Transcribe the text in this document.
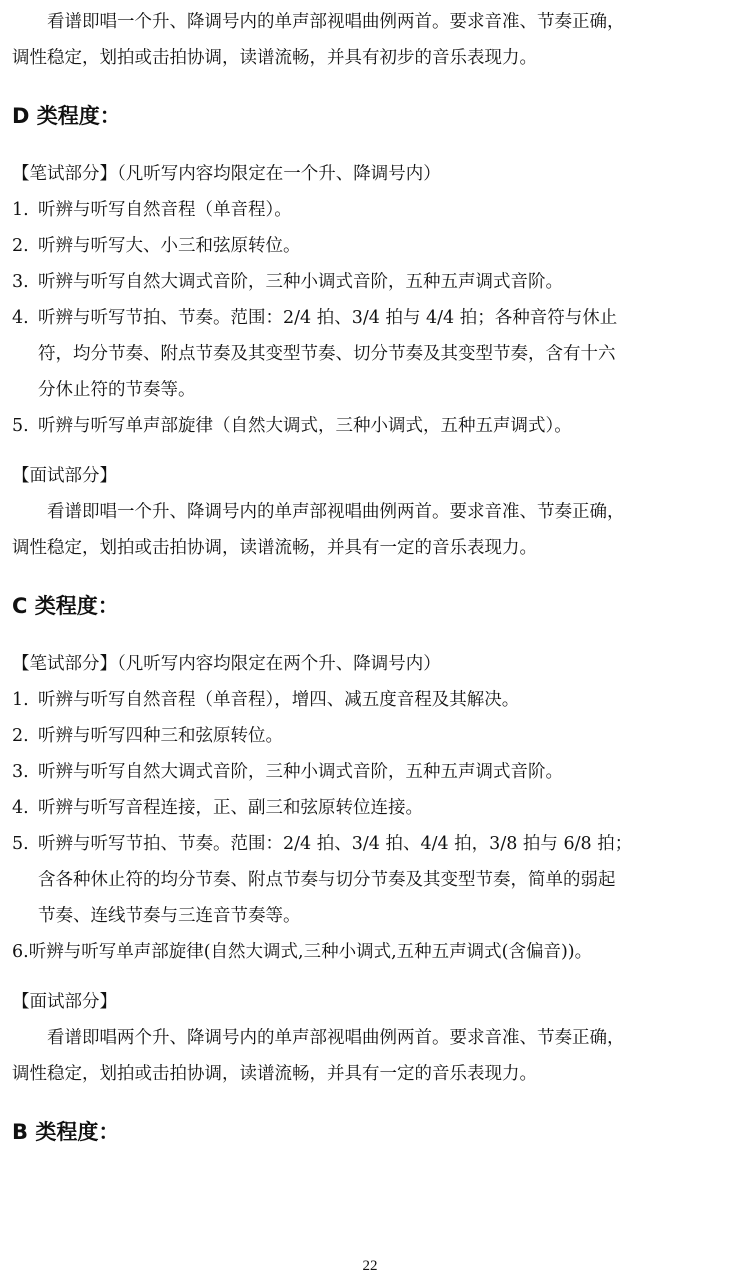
看谱即唱一个升、降调号内的单声部视唱曲例两首。要求音准、节奏正确，

调性稳定，划拍或击拍协调，读谱流畅，并具有初步的音乐表现力。

D 类程度：

【笔试部分】（凡听写内容均限定在一个升、降调号内）

1. 听辨与听写自然音程（单音程）。

2. 听辨与听写大、小三和弦原转位。

3. 听辨与听写自然大调式音阶，三种小调式音阶，五种五声调式音阶。

4. 听辨与听写节拍、节奏。范围：2/4 拍、3/4 拍与 4/4 拍；各种音符与休止

符，均分节奏、附点节奏及其变型节奏、切分节奏及其变型节奏，含有十六

分休止符的节奏等。

5. 听辨与听写单声部旋律（自然大调式，三种小调式，五种五声调式）。

【面试部分】

看谱即唱一个升、降调号内的单声部视唱曲例两首。要求音准、节奏正确，

调性稳定，划拍或击拍协调，读谱流畅，并具有一定的音乐表现力。

C 类程度：

【笔试部分】（凡听写内容均限定在两个升、降调号内）

1. 听辨与听写自然音程（单音程），增四、减五度音程及其解决。

2. 听辨与听写四种三和弦原转位。

3. 听辨与听写自然大调式音阶，三种小调式音阶，五种五声调式音阶。

4. 听辨与听写音程连接，正、副三和弦原转位连接。

5. 听辨与听写节拍、节奏。范围：2/4 拍、3/4 拍、4/4 拍，3/8 拍与 6/8 拍；

含各种休止符的均分节奏、附点节奏与切分节奏及其变型节奏，简单的弱起

节奏、连线节奏与三连音节奏等。

6.听辨与听写单声部旋律(自然大调式,三种小调式,五种五声调式(含偏音))。

【面试部分】

看谱即唱两个升、降调号内的单声部视唱曲例两首。要求音准、节奏正确，

调性稳定，划拍或击拍协调，读谱流畅，并具有一定的音乐表现力。

B 类程度：

22
